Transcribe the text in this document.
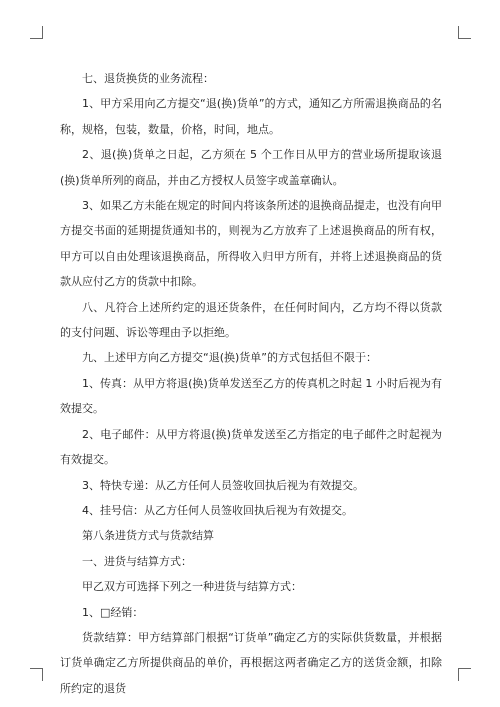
七、退货换货的业务流程：

1、甲方采用向乙方提交“退(换)货单”的方式，通知乙方所需退换商品的名称，规格，包装，数量，价格，时间，地点。

2、退(换)货单之日起，乙方须在 5 个工作日从甲方的营业场所提取该退(换)货单所列的商品，并由乙方授权人员签字或盖章确认。

3、如果乙方未能在规定的时间内将该条所述的退换商品提走，也没有向甲方提交书面的延期提货通知书的，则视为乙方放弃了上述退换商品的所有权，甲方可以自由处理该退换商品，所得收入归甲方所有，并将上述退换商品的货款从应付乙方的货款中扣除。

八、凡符合上述所约定的退还货条件，在任何时间内，乙方均不得以货款的支付问题、诉讼等理由予以拒绝。

九、上述甲方向乙方提交“退(换)货单”的方式包括但不限于：

1、传真：从甲方将退(换)货单发送至乙方的传真机之时起 1 小时后视为有效提交。

2、电子邮件：从甲方将退(换)货单发送至乙方指定的电子邮件之时起视为有效提交。

3、特快专递：从乙方任何人员签收回执后视为有效提交。

4、挂号信：从乙方任何人员签收回执后视为有效提交。

第八条进货方式与货款结算

一、进货与结算方式：

甲乙双方可选择下列之一种进货与结算方式：

1、□经销：

货款结算：甲方结算部门根据“订货单”确定乙方的实际供货数量，并根据订货单确定乙方所提供商品的单价，再根据这两者确定乙方的送货金额，扣除所约定的退货
